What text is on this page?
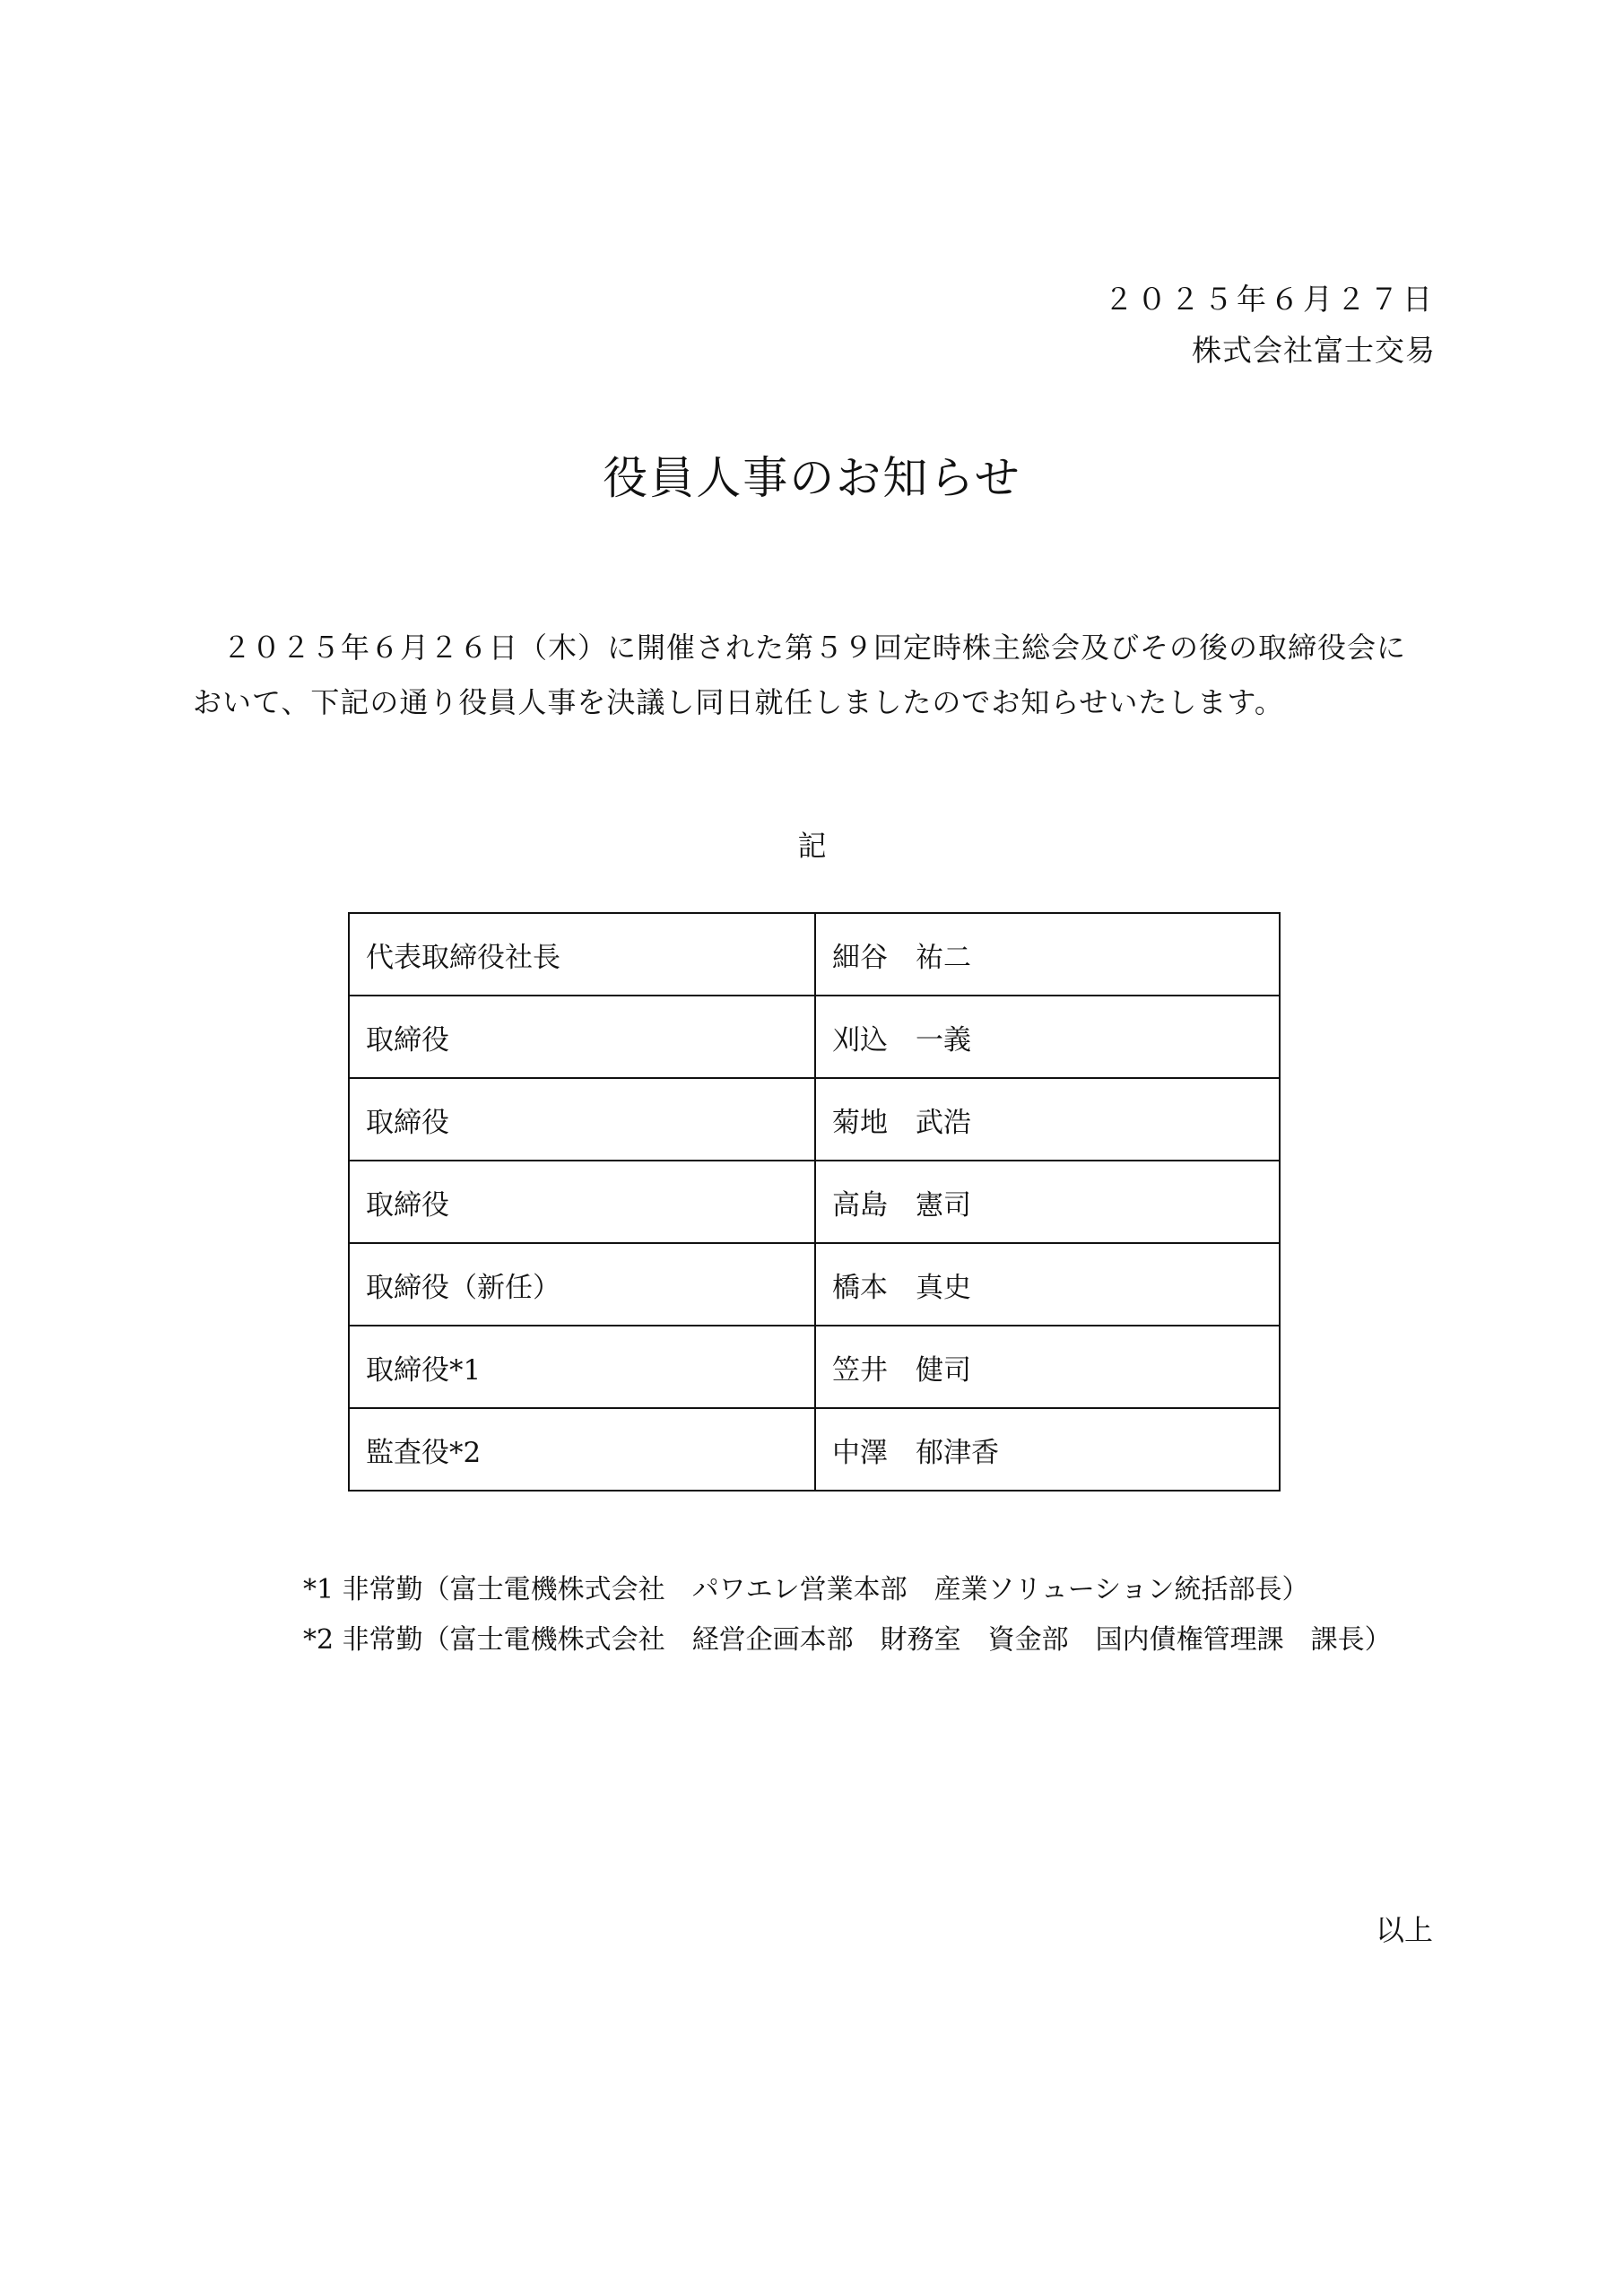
２０２５年６月２７日
株式会社富士交易
役員人事のお知らせ
　２０２５年６月２６日（木）に開催された第５９回定時株主総会及びその後の取締役会に
おいて、下記の通り役員人事を決議し同日就任しましたのでお知らせいたします。
記
代表取締役社長	細谷　祐二
取締役	刈込　一義
取締役	菊地　武浩
取締役	高島　憲司
取締役（新任）	橋本　真史
取締役*1	笠井　健司
監査役*2	中澤　郁津香
*1 非常勤（富士電機株式会社　パワエレ営業本部　産業ソリューション統括部長）
*2 非常勤（富士電機株式会社　経営企画本部　財務室　資金部　国内債権管理課　課長）
以上
